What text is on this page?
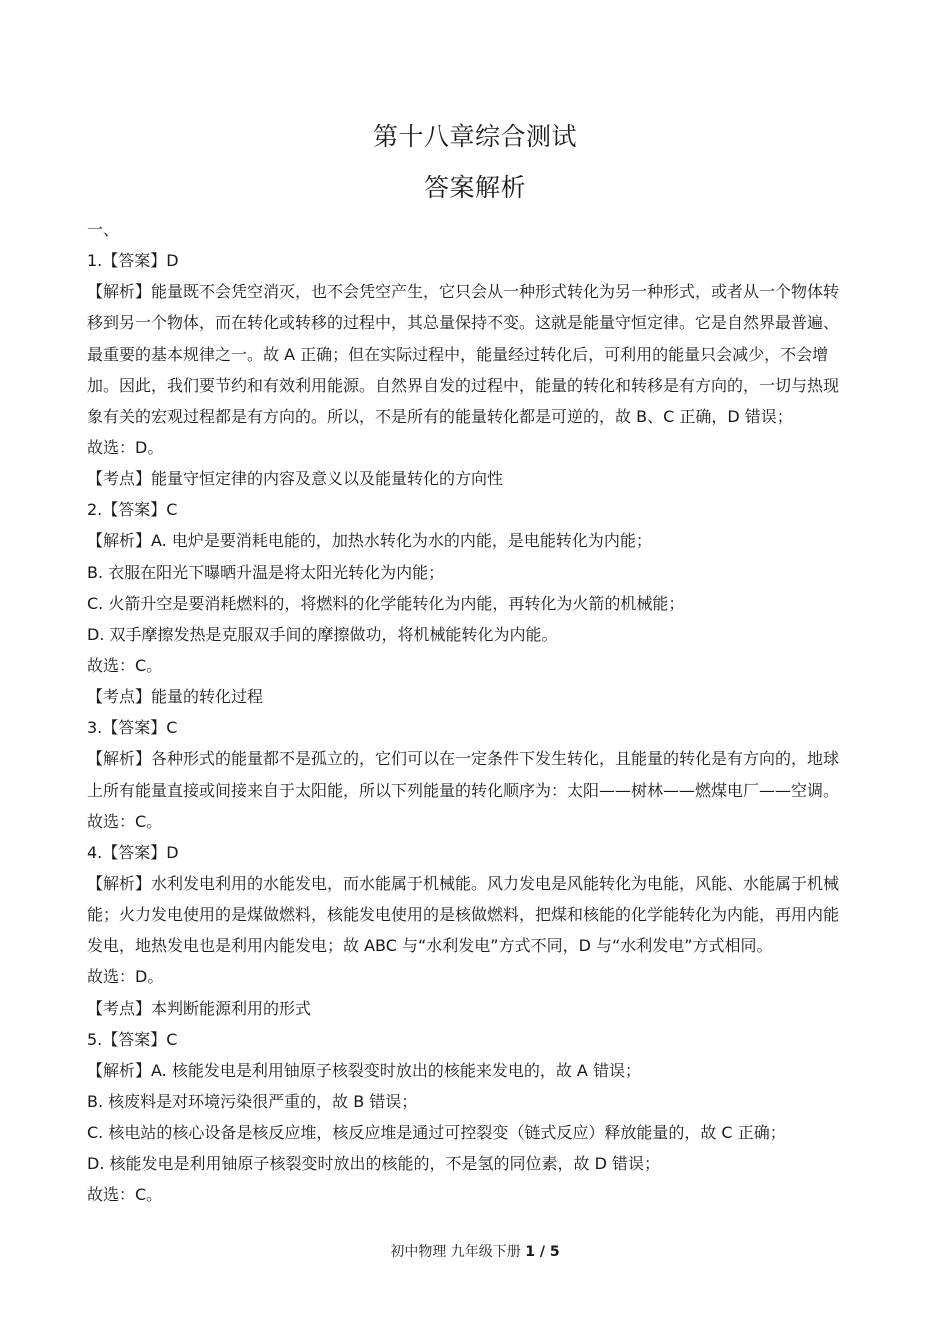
第十八章综合测试
答案解析
一、
1.【答案】D
【解析】能量既不会凭空消灭，也不会凭空产生，它只会从一种形式转化为另一种形式，或者从一个物体转
移到另一个物体，而在转化或转移的过程中，其总量保持不变。这就是能量守恒定律。它是自然界最普遍、
最重要的基本规律之一。故 A 正确；但在实际过程中，能量经过转化后，可利用的能量只会减少，不会增
加。因此，我们要节约和有效利用能源。自然界自发的过程中，能量的转化和转移是有方向的，一切与热现
象有关的宏观过程都是有方向的。所以，不是所有的能量转化都是可逆的，故 B、C 正确，D 错误；
故选：D。
【考点】能量守恒定律的内容及意义以及能量转化的方向性
2.【答案】C
【解析】A. 电炉是要消耗电能的，加热水转化为水的内能，是电能转化为内能；
B. 衣服在阳光下曝晒升温是将太阳光转化为内能；
C. 火箭升空是要消耗燃料的，将燃料的化学能转化为内能，再转化为火箭的机械能；
D. 双手摩擦发热是克服双手间的摩擦做功，将机械能转化为内能。
故选：C。
【考点】能量的转化过程
3.【答案】C
【解析】各种形式的能量都不是孤立的，它们可以在一定条件下发生转化，且能量的转化是有方向的，地球
上所有能量直接或间接来自于太阳能，所以下列能量的转化顺序为：太阳——树林——燃煤电厂——空调。
故选：C。
4.【答案】D
【解析】水利发电利用的水能发电，而水能属于机械能。风力发电是风能转化为电能，风能、水能属于机械
能；火力发电使用的是煤做燃料，核能发电使用的是核做燃料，把煤和核能的化学能转化为内能，再用内能
发电，地热发电也是利用内能发电；故 ABC 与“水利发电”方式不同，D 与“水利发电”方式相同。
故选：D。
【考点】本判断能源利用的形式
5.【答案】C
【解析】A. 核能发电是利用铀原子核裂变时放出的核能来发电的，故 A 错误；
B. 核废料是对环境污染很严重的，故 B 错误；
C. 核电站的核心设备是核反应堆，核反应堆是通过可控裂变（链式反应）释放能量的，故 C 正确；
D. 核能发电是利用铀原子核裂变时放出的核能的，不是氢的同位素，故 D 错误；
故选：C。
初中物理 九年级下册 1 / 5
